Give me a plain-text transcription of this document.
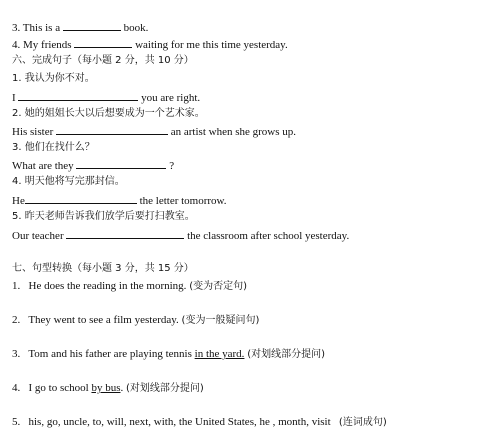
3. This is a	book.
4. My friends	waiting for me this time yesterday.
六、完成句子（每小题 2 分，共 10 分）
1. 我认为你不对。
I	you are right.
2. 她的姐姐长大以后想要成为一个艺术家。
His sister	an artist when she grows up.
3. 他们在找什么？
What are they	?
4. 明天他将写完那封信。
He	the letter tomorrow.
5. 昨天老师告诉我们放学后要打扫教室。
Our teacher	the classroom after school yesterday.
七、句型转换（每小题 3 分，共 15 分）
1. He does the reading in the morning. (变为否定句)
2. They went to see a film yesterday. (变为一般疑问句)
3. Tom and his father are playing tennis in the yard. (对划线部分提问)
4. I go to school by bus. (对划线部分提问)
5. his, go, uncle, to, will, next, with, the United States, he , month, visit (连词成句)
